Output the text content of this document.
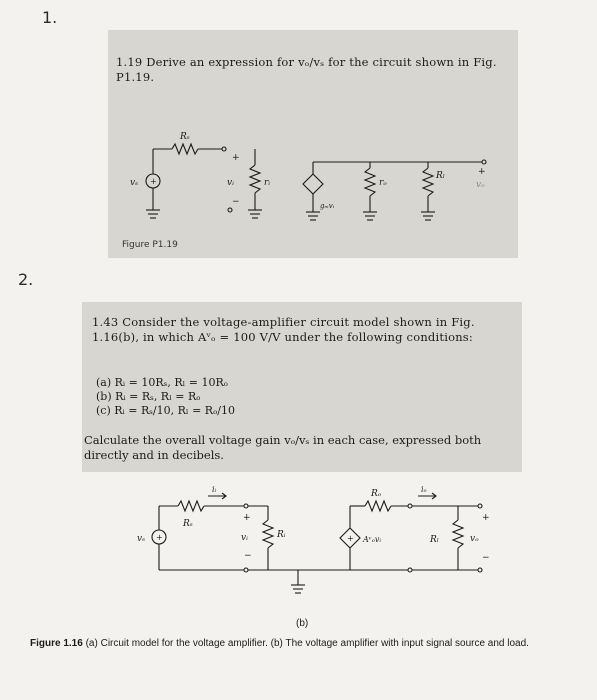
1.
1.19 Derive an expression for vₒ/vₛ for the circuit shown in Fig. P1.19.
vₛ +
Rₛ
+
vᵢ
−
rᵢ
gₘvᵢ
rₒ
Rₗ	+
vₒ
Figure P1.19
2.
1.43 Consider the voltage-amplifier circuit model shown in Fig. 1.16(b), in which Aᵛₒ = 100 V/V under the following conditions:
(a) Rᵢ = 10Rₛ, Rₗ = 10Rₒ
(b) Rᵢ = Rₛ, Rₗ = Rₒ
(c) Rᵢ = Rₛ/10, Rₗ = Rₒ/10
Calculate the overall voltage gain vₒ/vₛ in each case, expressed both directly and in decibels.
vₛ +
Rₛ
iᵢ
+
vᵢ
−
Rᵢ	+ Aᵛₒvᵢ
Rₒ	iₒ
Rₗ
+
vₒ
−
(b)
Figure 1.16 (a) Circuit model for the voltage amplifier. (b) The voltage amplifier with input signal source and load.
